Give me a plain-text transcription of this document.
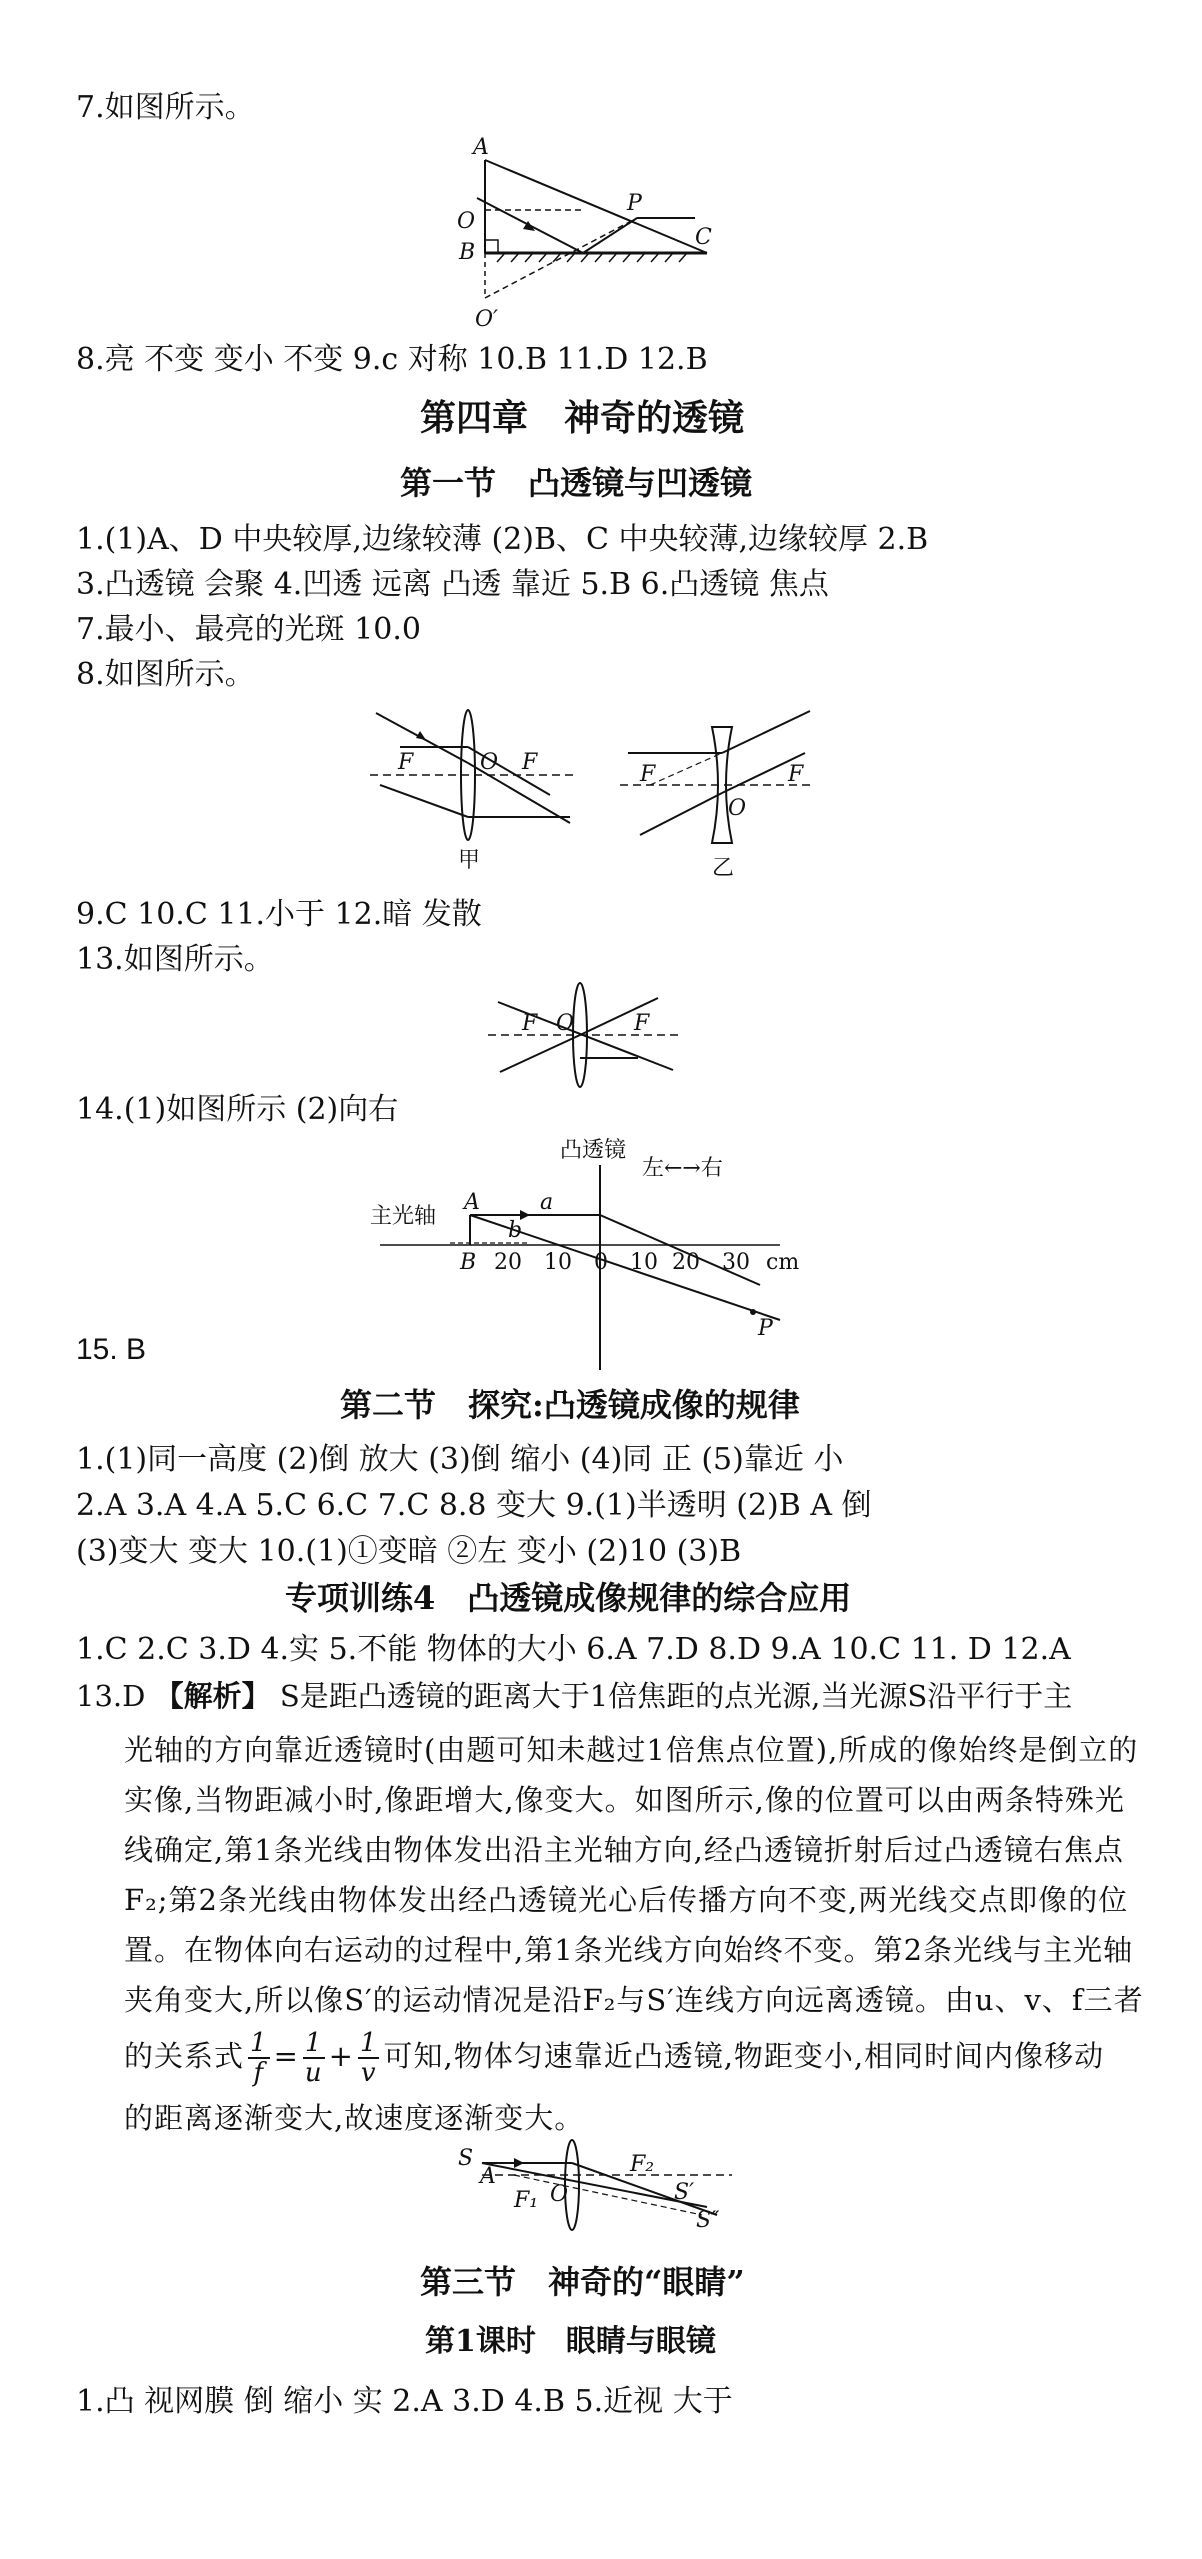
7.如图所示。
A
O
B
P
C
O′
8.亮 不变 变小 不变 9.c 对称 10.B 11.D 12.B
第四章　神奇的透镜
第一节　凸透镜与凹透镜
1.(1)A、D 中央较厚,边缘较薄 (2)B、C 中央较薄,边缘较厚 2.B
3.凸透镜 会聚 4.凹透 远离 凸透 靠近 5.B 6.凸透镜 焦点
7.最小、最亮的光斑 10.0
8.如图所示。
F	O F
甲
F
O
F
乙
9.C 10.C 11.小于 12.暗 发散
13.如图所示。
F O	F
14.(1)如图所示 (2)向右
凸透镜
左←→右
主光轴
A	a
B
b
20 10 0 10 20 30 cm
P
15. B
第二节　探究:凸透镜成像的规律
1.(1)同一高度 (2)倒 放大 (3)倒 缩小 (4)同 正 (5)靠近 小
2.A 3.A 4.A 5.C 6.C 7.C 8.8 变大 9.(1)半透明 (2)B A 倒
(3)变大 变大 10.(1)①变暗 ②左 变小 (2)10 (3)B
专项训练4　凸透镜成像规律的综合应用
1.C 2.C 3.D 4.实 5.不能 物体的大小 6.A 7.D 8.D 9.A 10.C 11. D 12.A
13.D 【解析】 S是距凸透镜的距离大于1倍焦距的点光源,当光源S沿平行于主
光轴的方向靠近透镜时(由题可知未越过1倍焦点位置),所成的像始终是倒立的
实像,当物距减小时,像距增大,像变大。如图所示,像的位置可以由两条特殊光
线确定,第1条光线由物体发出沿主光轴方向,经凸透镜折射后过凸透镜右焦点
F₂;第2条光线由物体发出经凸透镜光心后传播方向不变,两光线交点即像的位
置。在物体向右运动的过程中,第1条光线方向始终不变。第2条光线与主光轴
夹角变大,所以像S′的运动情况是沿F₂与S′连线方向远离透镜。由u、v、f三者
的关系式 $\frac{1}{f} = \frac{1}{u} + \frac{1}{v}$ 可知,物体匀速靠近凸透镜,物距变小,相同时间内像移动
的距离逐渐变大,故速度逐渐变大。
S
A
F₁ O
F₂
S′
S″
第三节　神奇的“眼睛”
第1课时　眼睛与眼镜
1.凸 视网膜 倒 缩小 实 2.A 3.D 4.B 5.近视 大于
